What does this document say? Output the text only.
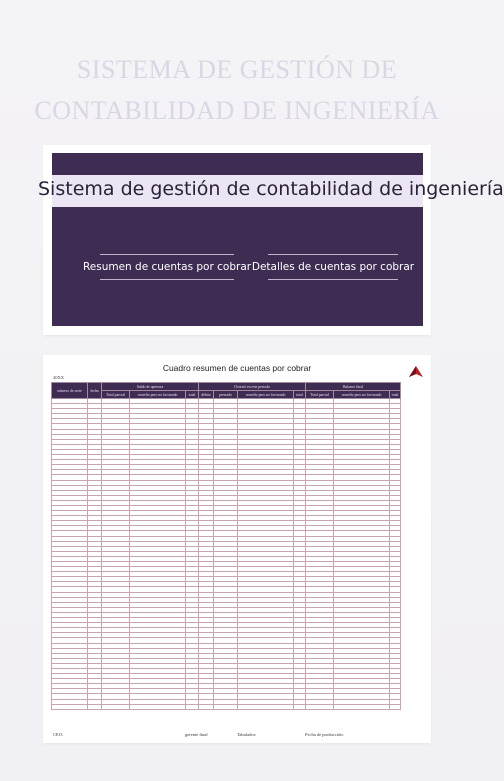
SISTEMA DE GESTIÓN DE
CONTABILIDAD DE INGENIERÍA
Sistema de gestión de contabilidad de ingeniería
Resumen de cuentas por cobrar Detalles de cuentas por cobrar
Cuadro resumen de cuentas por cobrar
20XX
número de serie	fecha	Saldo de apertura			Ocurrió en este periodo				Balance final		
		Total parcial	resuelto pero no facturado	total	débito	prestado	resuelto pero no facturado	total	Total parcial	resuelto pero no facturado	total

CEO:	gerente final	Tabulador:	Fecha de producción:
